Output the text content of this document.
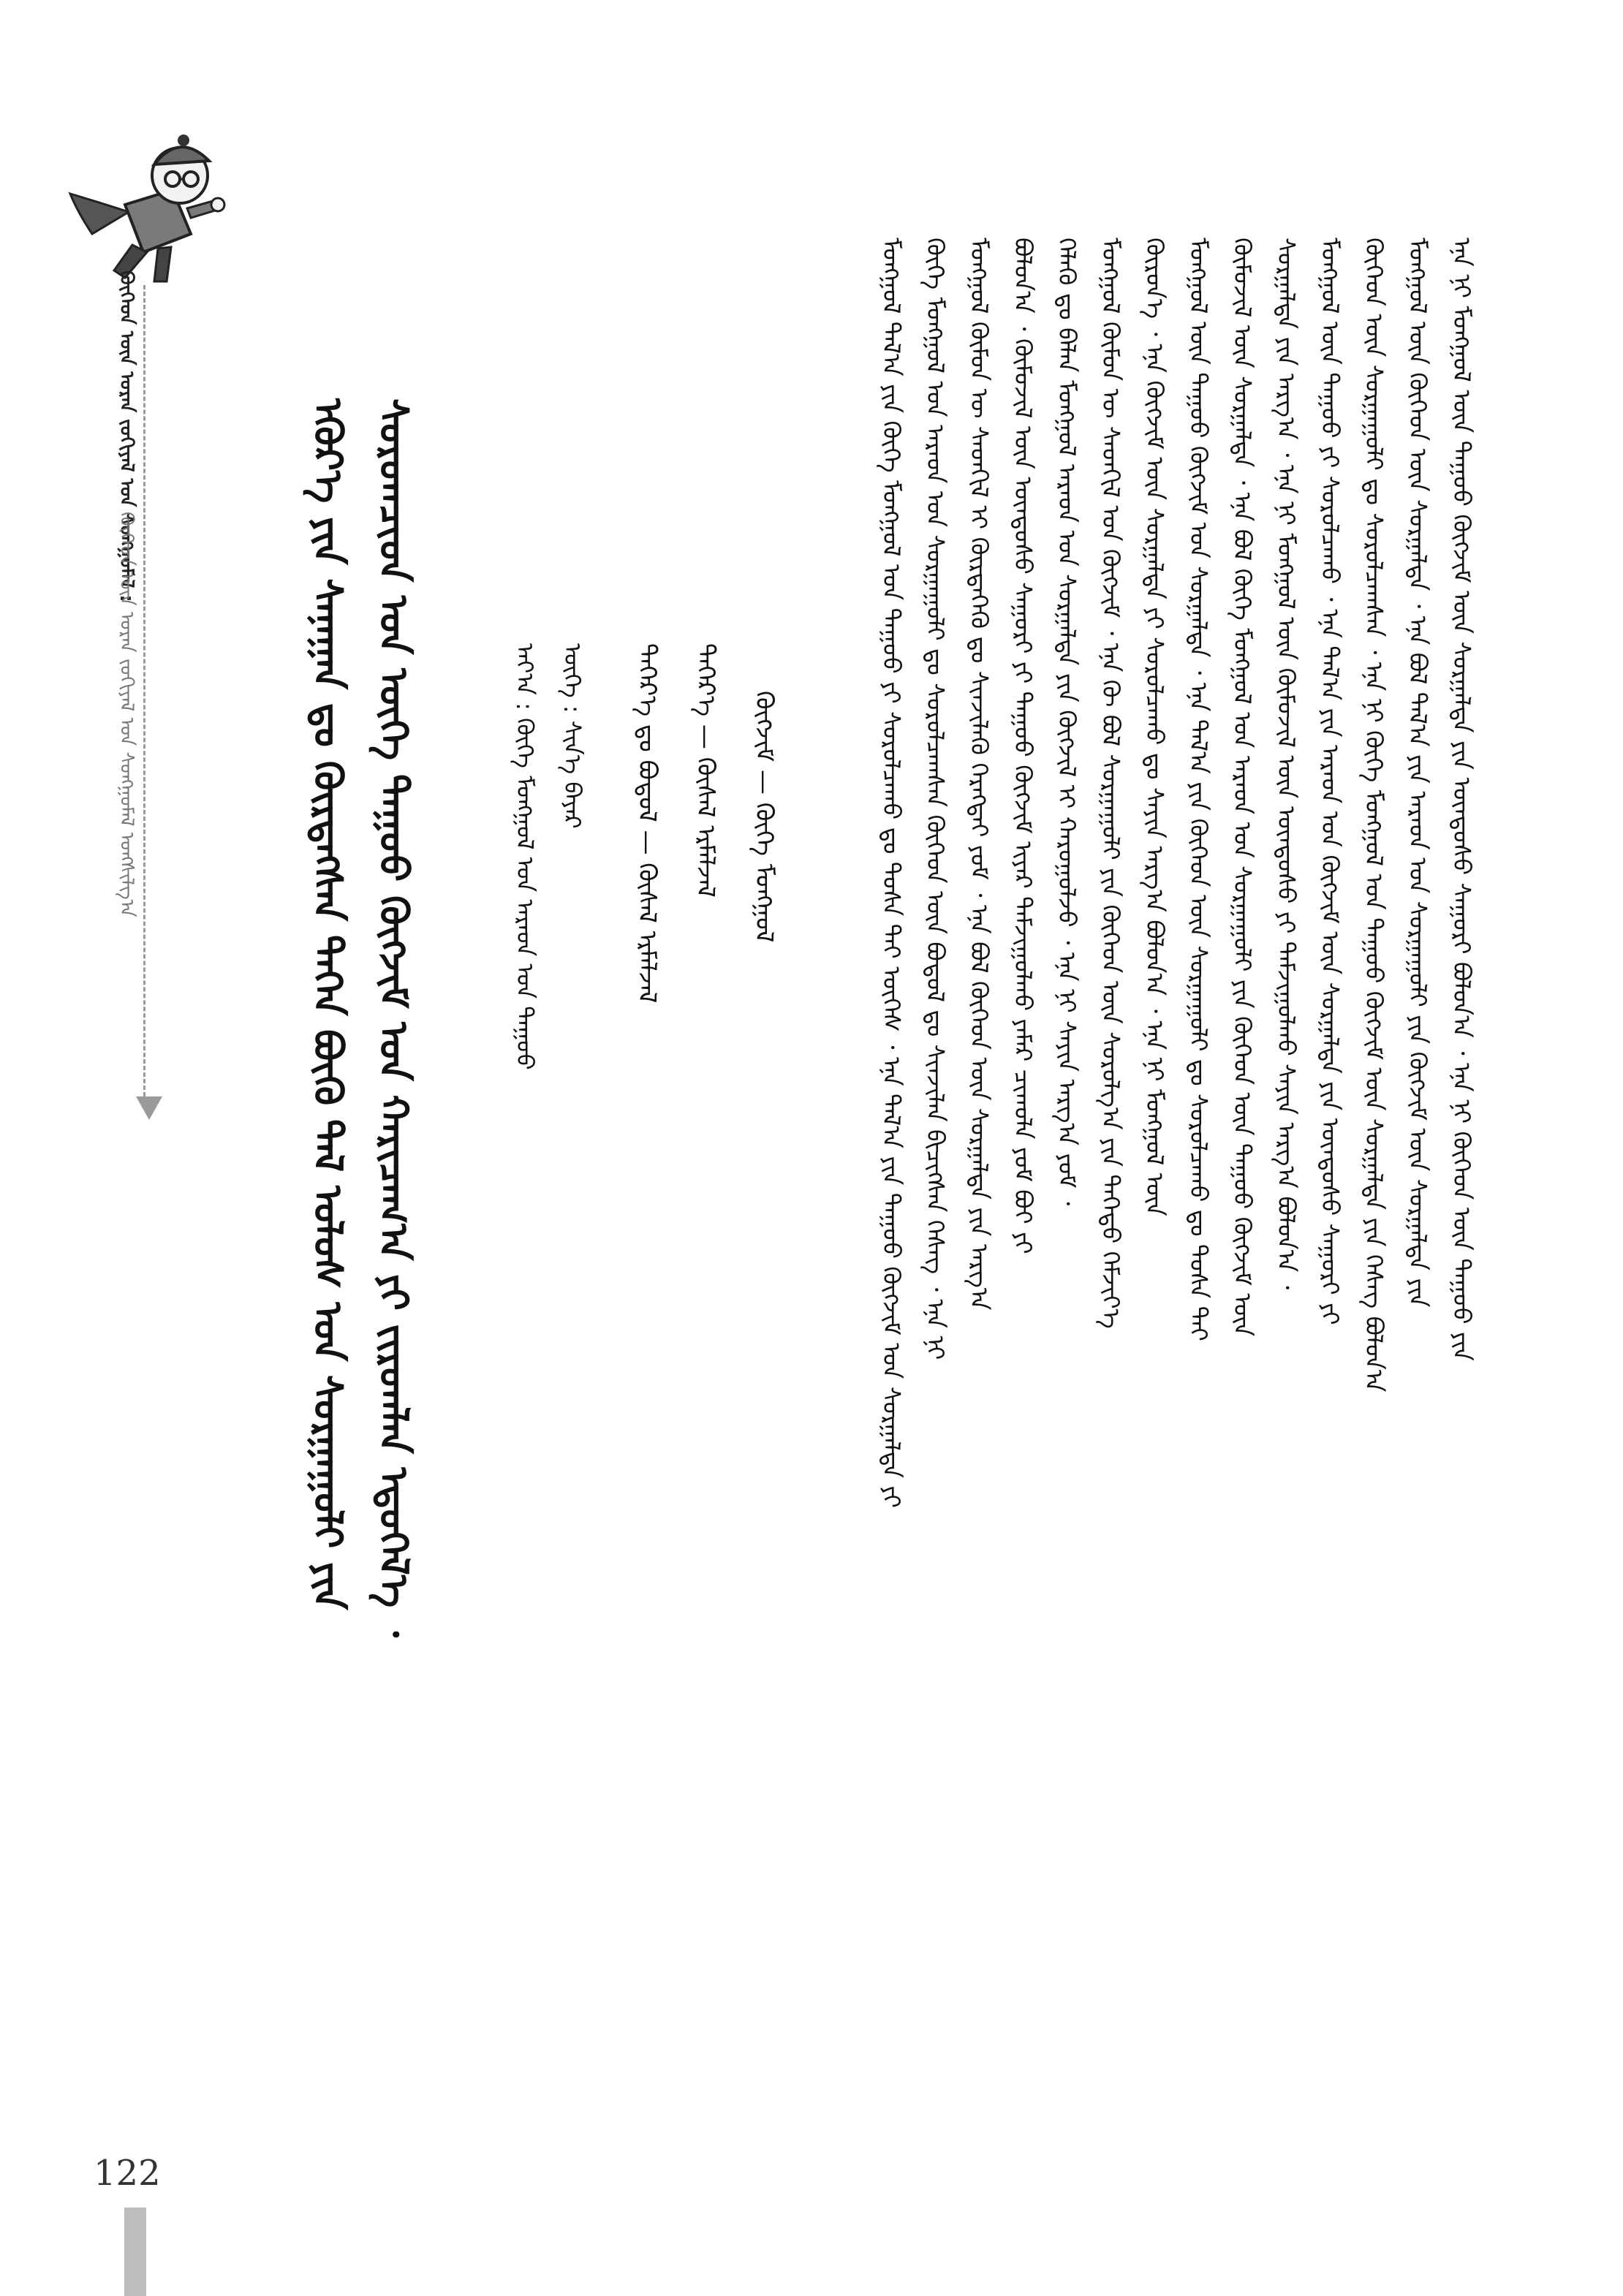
ᠬᠥᠬᠡᠳ ᠦᠨ ᠤᠷᠠᠨ ᠵᠣᠬᠢᠶᠠᠯ ᠤᠨ ᠰᠣᠩᠭᠣᠮᠠᠯ :
ᠬᠥᠬᠡᠳ ᠦᠨ ᠤᠷᠠᠨ ᠵᠣᠬᠢᠶᠠᠯ ᠤᠨ ᠰᠣᠩᠭᠣᠮᠠᠯ ᠤᠩᠰᠢᠯᠭ᠎ᠠ	ᠡᠭᠦᠷ᠎ᠡ ᠶᠢᠨ ᠰᠠᠨᠠᠭᠠᠨ ᠳᠤ ᠬᠦᠷᠲᠡᠭᠰᠡᠨ ᠳᠡᠭᠡᠨ ᠪᠦᠬᠦ ᠲᠠᠯ ᠤᠯᠤᠰ ᠤᠨ ᠰᠤᠷᠭᠠᠭᠤᠯᠢ ᠶᠢᠨ ᠰᠤᠷᠤᠭᠴᠢᠳ ᠤᠨ ᠦᠭᠡ ᠳᠠᠭᠤᠤ ᠬᠥᠭᠵᠢᠮ ᠤᠨ ᠬᠠᠷᠢᠴᠠᠭ᠎ᠠ ᠶᠢ ᠵᠢᠷᠤᠭᠯᠠᠨ ᠡᠳᠦᠭᠡᠯ᠎ᠡ ᠂	ᠬᠥᠭᠵᠢᠮ — ᠬᠥᠬᠡ ᠮᠣᠩᠭᠣᠯ
ᠳᠡᠭᠡᠷ᠎ᠡ — ᠬᠦᠰᠡᠯ ᠡᠷᠮᠡᠯᠵᠡᠯ
ᠳᠡᠭᠡᠷ᠎ᠡ ᠳᠤ ᠪᠣᠳᠣᠯ — ᠬᠦᠰᠡᠯ ᠡᠷᠮᠡᠯᠵᠡᠯ
ᠦᠭᠡ : ᠰᠢᠨ᠎ᠡ ᠪᠠᠶᠠᠷ
ᠠᠶ᠎ᠠ : ᠬᠦᠬᠡ ᠮᠣᠩᠭᠣᠯ ᠤᠨ ᠠᠷᠠᠳ ᠤᠨ ᠳᠠᠭᠤᠤ	ᠮᠣᠩᠭᠣᠯ ᠲᠠᠯ᠎ᠠ ᠶᠢᠨ ᠬᠥᠬᠡ ᠮᠣᠩᠭᠣᠯ ᠤᠨ ᠳᠠᠭᠤᠤ ᠶᠢ ᠰᠤᠷᠤᠯᠴᠠᠬᠤ ᠳᠤ ᠲᠤᠰᠠ ᠲᠠᠢ ᠦᠭᠡᠰ ᠂ ᠡᠨᠡ ᠲᠠᠯ᠎ᠠ ᠶᠢᠨ ᠳᠠᠭᠤᠤ ᠬᠥᠭᠵᠢᠮ ᠤᠨ ᠰᠤᠷᠭᠠᠯᠲᠠ ᠶᠢ ᠬᠥᠬᠡ ᠮᠣᠩᠭᠣᠯ ᠤᠨ ᠠᠷᠠᠳ ᠤᠨ ᠰᠤᠷᠭᠠᠭᠤᠯᠢ ᠳᠤ ᠰᠤᠷᠤᠯᠴᠠᠭᠰᠠᠨ ᠬᠥᠬᠡᠳ ᠦᠨ ᠪᠣᠳᠣᠯ ᠳᠤ ᠰᠢᠨᠵᠢᠯᠡᠨ ᠪᠢᠴᠢᠭᠰᠡᠨ ᠬᠡᠰᠡᠭ ᠂ ᠡᠨᠡ ᠨᠢ ᠮᠣᠩᠭᠣᠯ ᠬᠦᠮᠦᠨ ᠦ ᠰᠡᠳᠬᠢᠯ ᠢ ᠬᠦᠷᠲᠡᠭᠡᠬᠦ ᠳᠤ ᠰᠢᠨᠵᠢᠯᠡᠬᠦ ᠬᠡᠷᠡᠭᠲᠡᠢ ᠶᠤᠮ ᠂ ᠡᠨᠡ ᠪᠣᠯ ᠬᠥᠬᠡᠳ ᠦᠨ ᠰᠤᠷᠭᠠᠯᠲᠠ ᠶᠢᠨ ᠠᠷᠭ᠎ᠠ ᠪᠣᠯᠤᠨ᠎ᠠ ᠂ ᠬᠦᠮᠦᠵᠢᠯ ᠦᠨ ᠦᠨᠳᠦᠰᠦ ᠰᠠᠭᠤᠷᠢ ᠶᠢ ᠳᠠᠭᠤᠤ ᠬᠥᠭᠵᠢᠮ ᠢᠶᠡᠷ ᠳᠠᠮᠵᠢᠭᠤᠯᠬᠤ ᠶᠠᠮᠠᠷ ᠴᠢᠬᠤᠯᠠ ᠶᠤᠮ ᠪᠤᠢ ᠶᠢ ᠬᠡᠯᠡᠬᠦ ᠳᠤ ᠪᠡᠯᠡᠨ ᠮᠣᠩᠭᠣᠯ ᠠᠷᠠᠳ ᠤᠨ ᠰᠤᠷᠭᠠᠯᠲᠠ ᠶᠢᠨ ᠬᠥᠭᠵᠢᠯ ᠢ ᠬᠠᠷᠤᠭᠤᠯᠵᠤ ᠂ ᠡᠨᠡ ᠨᠢ ᠰᠠᠶᠢᠨ ᠠᠷᠭ᠎ᠠ ᠶᠤᠮ ᠂ ᠮᠣᠩᠭᠣᠯ ᠬᠦᠮᠦᠨ ᠦ ᠰᠡᠳᠬᠢᠯ ᠤᠨ ᠬᠥᠭᠵᠢᠮ ᠂ ᠡᠨᠡ ᠬᠦ ᠪᠣᠯ ᠰᠤᠷᠭᠠᠭᠤᠯᠢ ᠶᠢᠨ ᠬᠥᠬᠡᠳ ᠦᠨ ᠰᠤᠷᠤᠯᠭ᠎ᠠ ᠶᠢᠨ ᠳᠡᠭᠡᠳᠦ ᠬᠡᠮᠵᠢᠶ᠎ᠡ ᠬᠦᠷᠦᠨ᠎ᠡ ᠂ ᠡᠨᠡ ᠬᠥᠭᠵᠢᠮ ᠦᠨ ᠰᠤᠷᠭᠠᠯᠲᠠ ᠶᠢ ᠰᠤᠷᠤᠯᠴᠠᠬᠤ ᠳᠤ ᠰᠠᠶᠢᠨ ᠠᠷᠭ᠎ᠠ ᠪᠣᠯᠤᠨ᠎ᠠ ᠂ ᠡᠨᠡ ᠨᠢ ᠮᠣᠩᠭᠣᠯ ᠦᠨ ᠮᠣᠩᠭᠣᠯ ᠦᠨ ᠳᠠᠭᠤᠤ ᠬᠥᠭᠵᠢᠮ ᠤᠨ ᠰᠤᠷᠭᠠᠯᠲᠠ ᠂ ᠡᠨᠡ ᠲᠠᠯ᠎ᠠ ᠶᠢᠨ ᠬᠥᠬᠡᠳ ᠦᠨ ᠰᠤᠷᠭᠠᠭᠤᠯᠢ ᠳᠤ ᠰᠤᠷᠤᠯᠴᠠᠬᠤ ᠳᠤ ᠲᠤᠰᠠ ᠲᠠᠢ ᠬᠦᠮᠦᠵᠢᠯ ᠦᠨ ᠰᠤᠷᠭᠠᠯᠲᠠ ᠂ ᠡᠨᠡ ᠪᠣᠯ ᠬᠥᠬᠡ ᠮᠣᠩᠭᠣᠯ ᠤᠨ ᠠᠷᠠᠳ ᠤᠨ ᠰᠤᠷᠭᠠᠭᠤᠯᠢ ᠶᠢᠨ ᠬᠥᠬᠡᠳ ᠦᠨ ᠳᠠᠭᠤᠤ ᠬᠥᠭᠵᠢᠮ ᠦᠨ ᠰᠤᠷᠭᠠᠯᠲᠠ ᠶᠢᠨ ᠠᠷᠭ᠎ᠠ ᠂ ᠡᠨᠡ ᠨᠢ ᠮᠣᠩᠭᠣᠯ ᠦᠨ ᠬᠦᠮᠦᠵᠢᠯ ᠦᠨ ᠦᠨᠳᠦᠰᠦ ᠶᠢ ᠳᠠᠮᠵᠢᠭᠤᠯᠬᠤ ᠰᠠᠶᠢᠨ ᠠᠷᠭ᠎ᠠ ᠪᠣᠯᠤᠨ᠎ᠠ ᠂ ᠮᠣᠩᠭᠣᠯ ᠦᠨ ᠳᠠᠭᠤᠤ ᠶᠢ ᠰᠤᠷᠤᠯᠴᠠᠬᠤ ᠂ ᠡᠨᠡ ᠲᠠᠯ᠎ᠠ ᠶᠢᠨ ᠠᠷᠠᠳ ᠤᠨ ᠬᠥᠭᠵᠢᠮ ᠦᠨ ᠰᠤᠷᠭᠠᠯᠲᠠ ᠶᠢᠨ ᠦᠨᠳᠦᠰᠦ ᠰᠠᠭᠤᠷᠢ ᠶᠢ ᠬᠥᠬᠡᠳ ᠦᠨ ᠰᠤᠷᠭᠠᠭᠤᠯᠢ ᠳᠤ ᠰᠤᠷᠤᠯᠴᠠᠭᠰᠠᠨ ᠂ ᠡᠨᠡ ᠨᠢ ᠬᠥᠬᠡ ᠮᠣᠩᠭᠣᠯ ᠤᠨ ᠳᠠᠭᠤᠤ ᠬᠥᠭᠵᠢᠮ ᠦᠨ ᠰᠤᠷᠭᠠᠯᠲᠠ ᠶᠢᠨ ᠬᠡᠰᠡᠭ ᠪᠣᠯᠤᠨ᠎ᠠ ᠮᠣᠩᠭᠣᠯ ᠦᠨ ᠬᠥᠬᠡᠳ ᠦᠨ ᠰᠤᠷᠭᠠᠯᠲᠠ ᠂ ᠡᠨᠡ ᠪᠣᠯ ᠲᠠᠯ᠎ᠠ ᠶᠢᠨ ᠠᠷᠠᠳ ᠤᠨ ᠰᠤᠷᠭᠠᠭᠤᠯᠢ ᠶᠢᠨ ᠬᠥᠭᠵᠢᠮ ᠦᠨ ᠰᠤᠷᠭᠠᠯᠲᠠ ᠶᠢᠨ ᠡᠨᠡ ᠨᠢ ᠮᠣᠩᠭᠣᠯ ᠦᠨ ᠳᠠᠭᠤᠤ ᠬᠥᠭᠵᠢᠮ ᠦᠨ ᠰᠤᠷᠭᠠᠯᠲᠠ ᠶᠢᠨ ᠦᠨᠳᠦᠰᠦ ᠰᠠᠭᠤᠷᠢ ᠪᠣᠯᠤᠨ᠎ᠠ ᠂ ᠡᠨᠡ ᠨᠢ ᠬᠥᠬᠡᠳ ᠦᠨ ᠳᠠᠭᠤᠤ ᠶᠢᠨ
122
